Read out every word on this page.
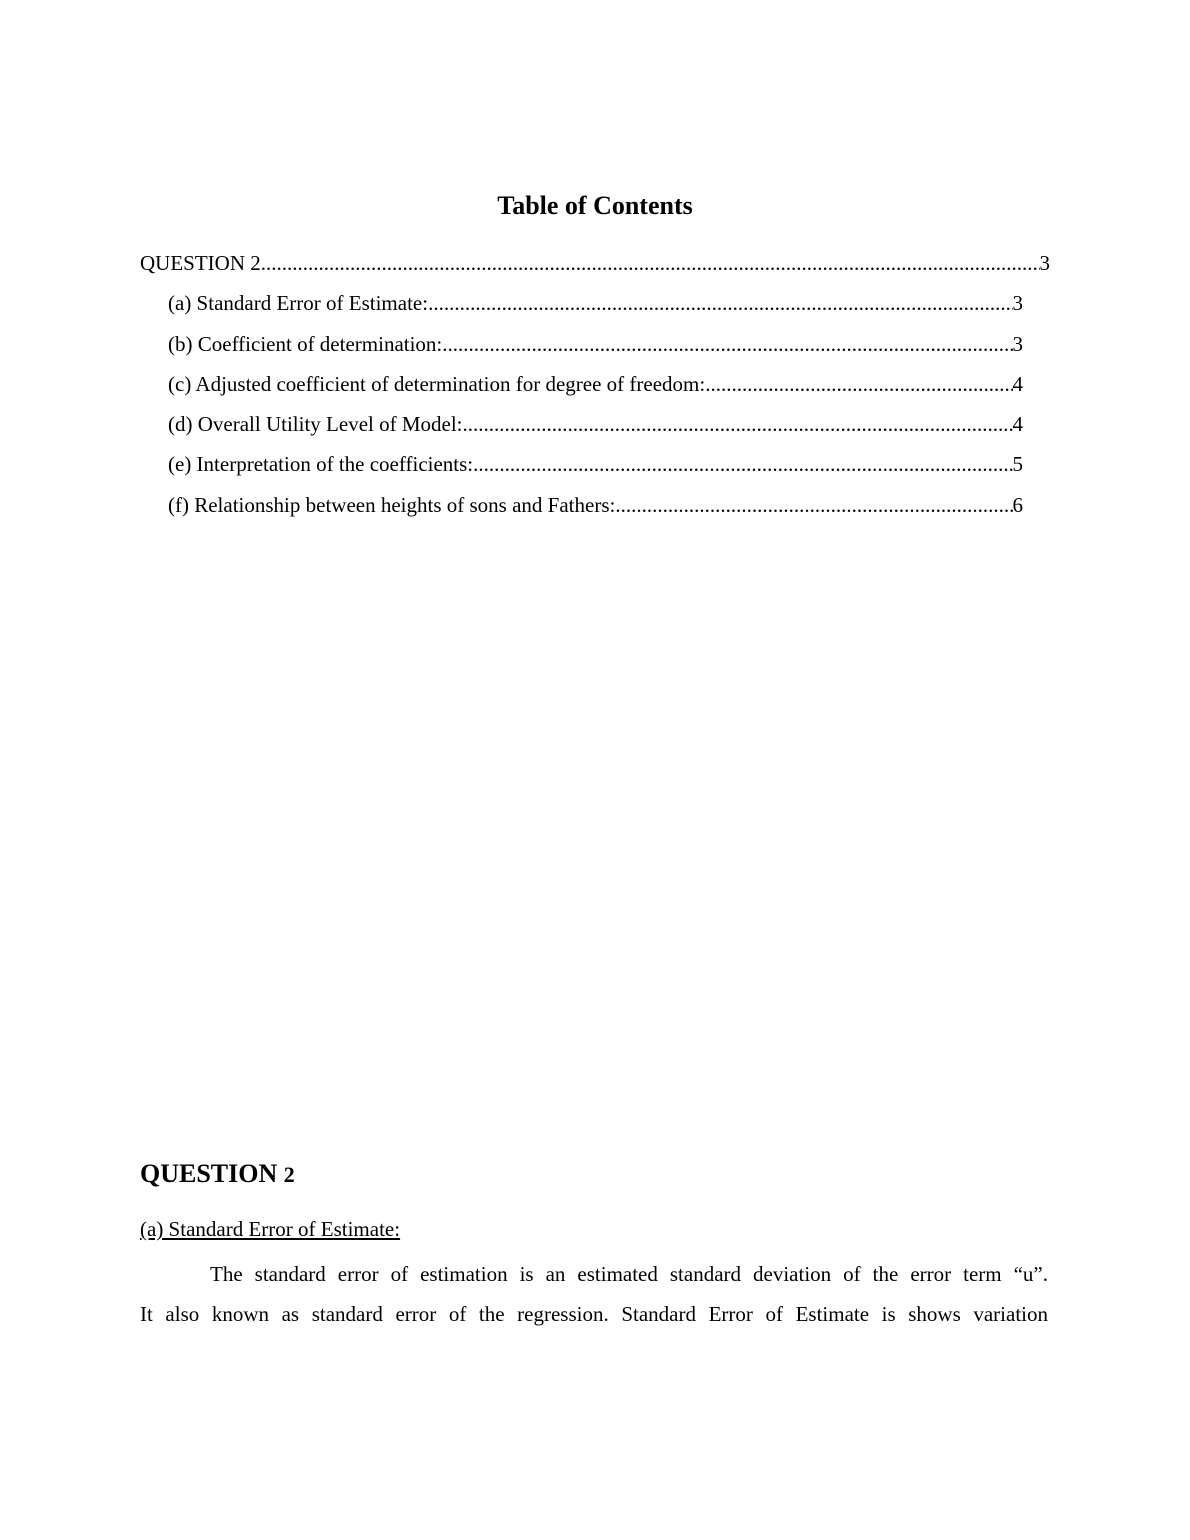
Table of Contents
QUESTION 2 .....	3
(a) Standard Error of Estimate: .....	3
(b) Coefficient of determination: .....	3
(c) Adjusted coefficient of determination for degree of freedom: .....	4
(d) Overall Utility Level of Model: .....	4
(e) Interpretation of the coefficients: .....	5
(f) Relationship between heights of sons and Fathers: .....	6
QUESTION 2
(a) Standard Error of Estimate:
The standard error of estimation is an estimated standard deviation of the error term “u”.
It also known as standard error of the regression. Standard Error of Estimate is shows variation
